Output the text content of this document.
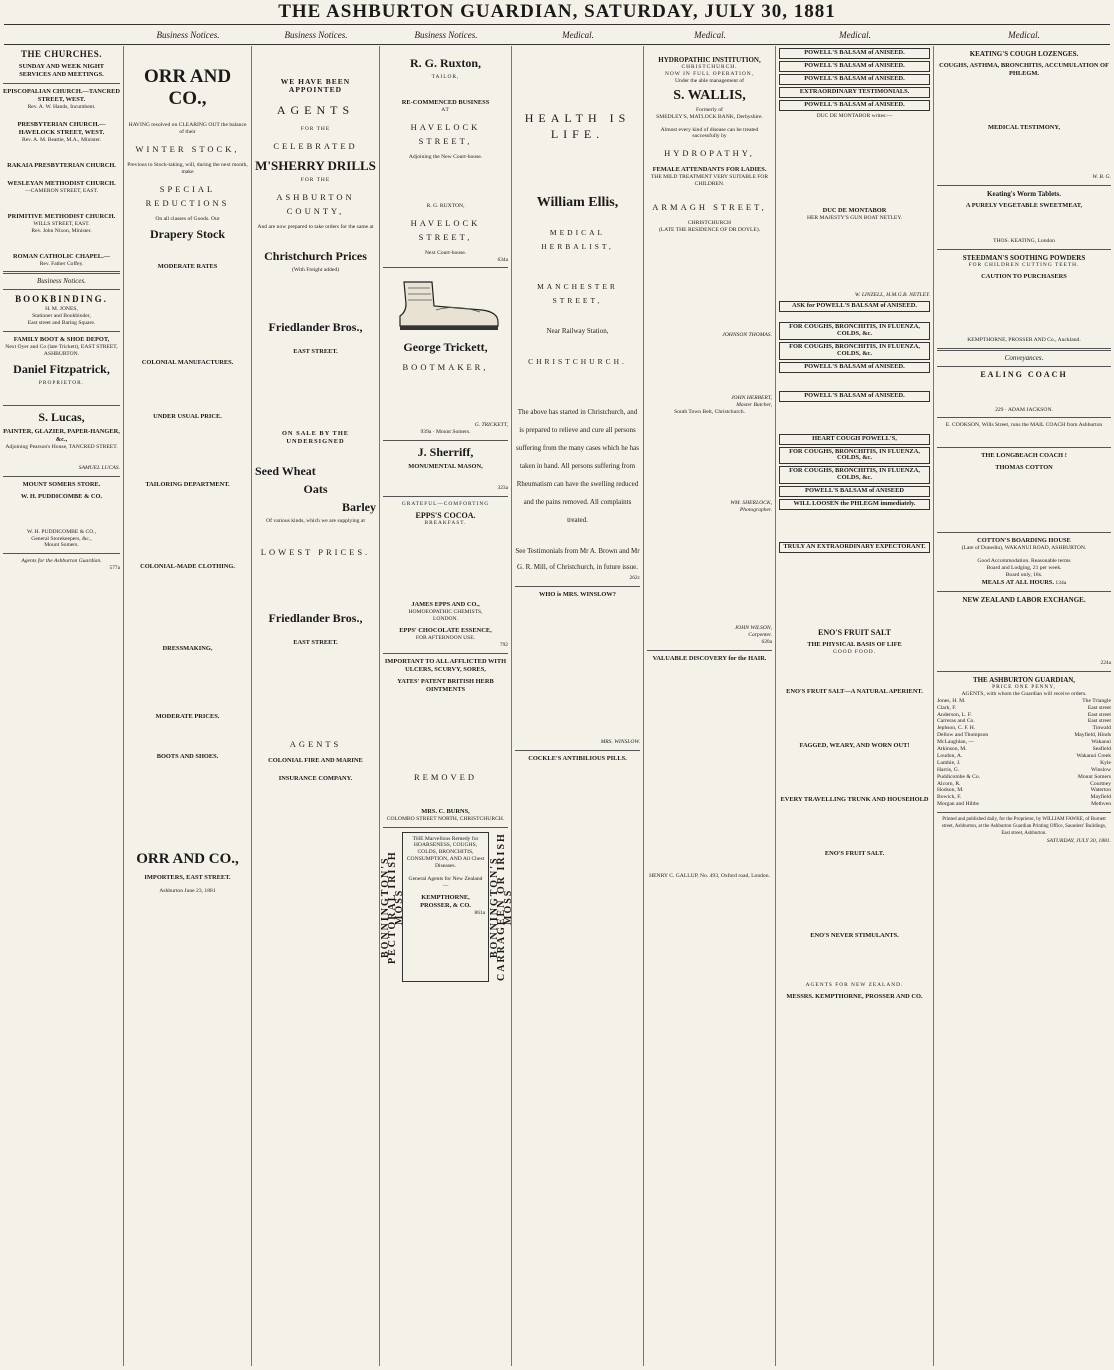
THE ASHBURTON GUARDIAN, SATURDAY, JULY 30, 1881
Business Notices.	Business Notices.	Business Notices.	Medical.	Medical.	Medical.	Medical.
THE CHURCHES.
SUNDAY AND WEEK NIGHT SERVICES AND MEETINGS.
EPISCOPALIAN CHURCH.—TANCRED STREET, WEST.
Rev. A. W. Hands, Incumbent.
PRESBYTERIAN CHURCH.—HAVELOCK STREET, WEST.
Rev. A. M. Beattie, M.A., Minister.
RAKAIA PRESBYTERIAN CHURCH.
WESLEYAN METHODIST CHURCH.
—CAMERON STREET, EAST.
PRIMITIVE METHODIST CHURCH.
WILLS STREET, EAST.
Rev. John Nixon, Minister.
ROMAN CATHOLIC CHAPEL.—
Rev. Father Coffey.
Business Notices.
BOOKBINDING.
H. M. JONES,
Stationer and Bookbinder,
East street and Baring Square.
FAMILY BOOT & SHOE DEPOT,
Next Oyer and Co (late Trickett), EAST STREET, ASHBURTON.
Daniel Fitzpatrick,
PROPRIETOR.
S. Lucas,
PAINTER, GLAZIER, PAPER-HANGER, &c.,
Adjoining Pearson's House, TANCRED STREET.
SAMUEL LUCAS.
MOUNT SOMERS STORE.
W. H. PUDDICOMBE & CO.
W. H. PUDDICOMBE & CO.,
General Storekeepers, &c.,
Mount Somers.
Agents for the Ashburton Guardian.
577a
ORR AND CO.,
HAVING resolved on CLEARING OUT the balance of their
WINTER STOCK,
Previous to Stock-taking, will, during the next month, make
SPECIAL REDUCTIONS
On all classes of Goods. Our
Drapery Stock
MODERATE RATES
COLONIAL MANUFACTURES.
UNDER USUAL PRICE.
TAILORING DEPARTMENT.
COLONIAL-MADE CLOTHING.
DRESSMAKING,
MODERATE PRICES.
BOOTS AND SHOES.
ORR AND CO.,
IMPORTERS, EAST STREET.
Ashburton June 23, 1881
WE HAVE BEEN APPOINTED
AGENTS
FOR THE
CELEBRATED
M'SHERRY DRILLS
FOR THE
ASHBURTON COUNTY,
And are now prepared to take orders for the same at
Christchurch Prices
(With Freight added)
Friedlander Bros.,
EAST STREET.
ON SALE BY THE UNDERSIGNED
Seed Wheat
Oats
Barley
Of various kinds, which we are supplying at
LOWEST PRICES.
Friedlander Bros.,
EAST STREET.
AGENTS
COLONIAL FIRE AND MARINE
INSURANCE COMPANY.
R. G. Ruxton,
TAILOR,
RE-COMMENCED BUSINESS
AT
HAVELOCK STREET,
Adjoining the New Court-house.
R. G. RUXTON,
HAVELOCK STREET,
Next Court-house.
634a
George Trickett,
BOOTMAKER,
G. TRICKETT,
939a · Mount Somers.
J. Sherriff,
MONUMENTAL MASON,
323a
GRATEFUL—COMFORTING
EPPS'S COCOA.
BREAKFAST.
JAMES EPPS AND CO.,
HOMOEOPATHIC CHEMISTS,
LONDON.
EPPS' CHOCOLATE ESSENCE,
FOR AFTERNOON USE.
792
IMPORTANT TO ALL AFFLICTED WITH ULCERS, SCURVY, SORES,
YATES' PATENT BRITISH HERB OINTMENTS
REMOVED
MRS. C. BURNS,
COLOMBO STREET NORTH, CHRISTCHURCH.
BONNINGTON'S PECTORAL IRISH MOSS
THE Marvellous Remedy for HOARSENESS, COUGHS, COLDS, BRONCHITIS, CONSUMPTION, AND All Chest Diseases.
General Agents for New Zealand—
KEMPTHORNE, PROSSER, & CO.
861a BONNINGTON'S CARRAGEEN OR IRISH MOSS
HEALTH IS LIFE.
William Ellis,
MEDICAL HERBALIST,
MANCHESTER STREET,
Near Railway Station,
CHRISTCHURCH.
The above has started in Christchurch, and is prepared to relieve and cure all persons suffering from the many cases which he has taken in hand. All persons suffering from Rheumatism can have the swelling reduced and the pains removed. All complaints treated.
See Testimonials from Mr A. Brown and Mr G. R. Mill, of Christchurch, in future issue.
262c
WHO is MRS. WINSLOW?
MRS. WINSLOW.
COCKLE'S ANTIBILIOUS PILLS.
HYDROPATHIC INSTITUTION,
CHRISTCHURCH.
NOW IN FULL OPERATION,
Under the able management of
S. WALLIS,
Formerly of
SMEDLEY'S, MATLOCK BANK, Derbyshire.
Almost every kind of disease can be treated successfully by
HYDROPATHY,
FEMALE ATTENDANTS FOR LADIES.
THE MILD TREATMENT VERY SUITABLE FOR CHILDREN.
ARMAGH STREET,
CHRISTCHURCH
(LATE THE RESIDENCE OF DR DOYLE).
JOHNSON THOMAS.
JOHN HERBERT,
Master Butcher,
South Town Belt, Christchurch.
WM. SHERLOCK,
Photographer.
JOHN WILSON,
Carpenter.
620a
VALUABLE DISCOVERY for the HAIR.
HENRY C. GALLUP, No. 493, Oxford road, London.
POWELL'S BALSAM of ANISEED.
POWELL'S BALSAM of ANISEED.
POWELL'S BALSAM of ANISEED.
EXTRAORDINARY TESTIMONIALS.
POWELL'S BALSAM of ANISEED.
DUC DE MONTABOR writes:—
DUC DE MONTABOR
HER MAJESTY'S GUN BOAT NETLEY.
W. LINZELL, H.M.G.B. NETLEY.
ASK for POWELL'S BALSAM of ANISEED.
FOR COUGHS, BRONCHITIS, IN FLUENZA, COLDS, &c.
FOR COUGHS, BRONCHITIS, IN FLUENZA, COLDS, &c.
POWELL'S BALSAM of ANISEED.
POWELL'S BALSAM of ANISEED.
HEART COUGH POWELL'S,
FOR COUGHS, BRONCHITIS, IN FLUENZA, COLDS, &c.
FOR COUGHS, BRONCHITIS, IN FLUENZA, COLDS, &c.
POWELL'S BALSAM of ANISEED
WILL LOOSEN the PHLEGM immediately.
TRULY AN EXTRAORDINARY EXPECTORANT.
ENO'S FRUIT SALT
THE PHYSICAL BASIS OF LIFE
GOOD FOOD.
ENO'S FRUIT SALT—A NATURAL APERIENT.
FAGGED, WEARY, AND WORN OUT!
EVERY TRAVELLING TRUNK AND HOUSEHOLD
ENO'S FRUIT SALT.
ENO'S NEVER STIMULANTS.
AGENTS FOR NEW ZEALAND.
MESSRS. KEMPTHORNE, PROSSER AND CO.
KEATING'S COUGH LOZENGES.
COUGHS, ASTHMA, BRONCHITIS, ACCUMULATION OF PHLEGM.
MEDICAL TESTIMONY,
W. B. G.
Keating's Worm Tablets.
A PURELY VEGETABLE SWEETMEAT,
THOS. KEATING, London
STEEDMAN'S SOOTHING POWDERS
FOR CHILDREN CUTTING TEETH.
CAUTION TO PURCHASERS
KEMPTHORNE, PROSSER AND Co., Auckland.
Conveyances.
EALING COACH
229 · ADAM JACKSON.
E. COOKSON, Wills Street, runs the MAIL COACH from Ashburton
THE LONGBEACH COACH !
THOMAS COTTON
COTTON'S BOARDING HOUSE
(Late of Dunedin), WAKANUI ROAD, ASHBURTON.
Good Accommodation. Reasonable terms
Board and Lodging, 21 per week.
Board only, 18s.
MEALS AT ALL HOURS. 134a
NEW ZEALAND LABOR EXCHANGE.
224a
THE ASHBURTON GUARDIAN,
PRICE ONE PENNY,
AGENTS, with whom the Guardian will receive orders.
Jones, H. M.	The Triangle
Clark, F.	East street
Anderson, L. F.	East street
Carreras and Co.	East street
Jephson, C. F. H.	Tinwald
Dellow and Thompson	Mayfield, Hinds
McLaughlan, —	Wakanui
Atkinson, M.	Seafield
Loudon, A.	Wakanui Creek
Lambie, J.	Kyle
Harris, G.	Winslow
Puddicombe & Co.	Mount Somers
Alcorn, R.	Courtney
Hodson, M.	Waterton
Bowick, F.	Mayfield
Morgan and Hibbs	Methven
Printed and published daily, for the Proprietor, by WILLIAM FAWKE, of Burnett street, Ashburton, at the Ashburton Guardian Printing Office, Saunders' Buildings, East street, Ashburton.
SATURDAY, JULY 30, 1881.
